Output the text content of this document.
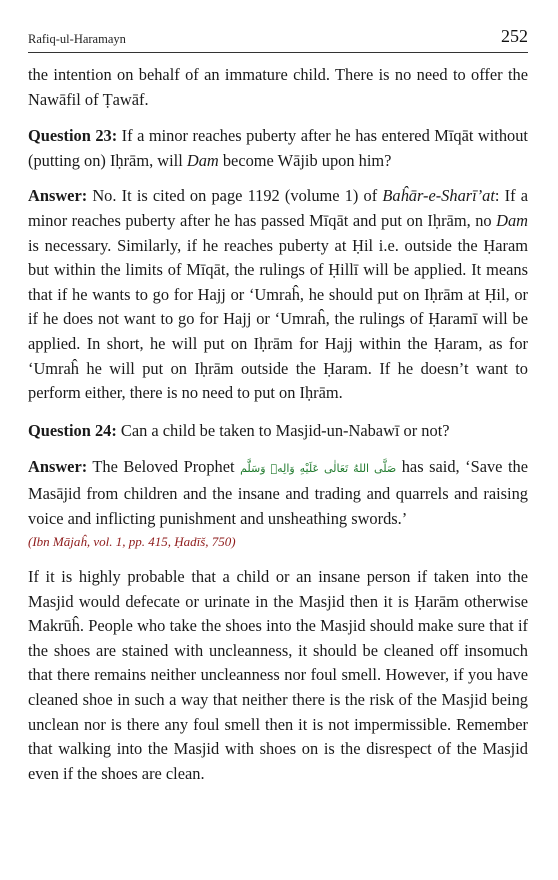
Rafiq-ul-Haramayn	252

the intention on behalf of an immature child. There is no need to offer the Nawāfil of Ṭawāf.

Question 23: If a minor reaches puberty after he has entered Mīqāt without (putting on) Iḥrām, will Dam become Wājib upon him?

Answer: No. It is cited on page 1192 (volume 1) of Baĥār-e-Sharī’at: If a minor reaches puberty after he has passed Mīqāt and put on Iḥrām, no Dam is necessary. Similarly, if he reaches puberty at Ḥil i.e. outside the Ḥaram but within the limits of Mīqāt, the rulings of Ḥillī will be applied. It means that if he wants to go for Hajj or ‘Umraĥ, he should put on Iḥrām at Ḥil, or if he does not want to go for Hajj or ‘Umraĥ, the rulings of Ḥaramī will be applied. In short, he will put on Iḥrām for Hajj within the Ḥaram, as for ‘Umraĥ he will put on Iḥrām outside the Ḥaram. If he doesn’t want to perform either, there is no need to put on Iḥrām.

Question 24: Can a child be taken to Masjid-un-Nabawī or not?

Answer: The Beloved Prophet صَلَّى اللهُ تَعَالٰى عَلَيْهِ وَالِهٖ وَسَلَّم has said, ‘Save the Masājid from children and the insane and trading and quarrels and raising voice and inflicting punishment and unsheathing swords.’

(Ibn Mājaĥ, vol. 1, pp. 415, Ḥadīš, 750)

If it is highly probable that a child or an insane person if taken into the Masjid would defecate or urinate in the Masjid then it is Ḥarām otherwise Makrūĥ. People who take the shoes into the Masjid should make sure that if the shoes are stained with uncleanness, it should be cleaned off insomuch that there remains neither uncleanness nor foul smell. However, if you have cleaned shoe in such a way that neither there is the risk of the Masjid being unclean nor is there any foul smell then it is not impermissible. Remember that walking into the Masjid with shoes on is the disrespect of the Masjid even if the shoes are clean.
